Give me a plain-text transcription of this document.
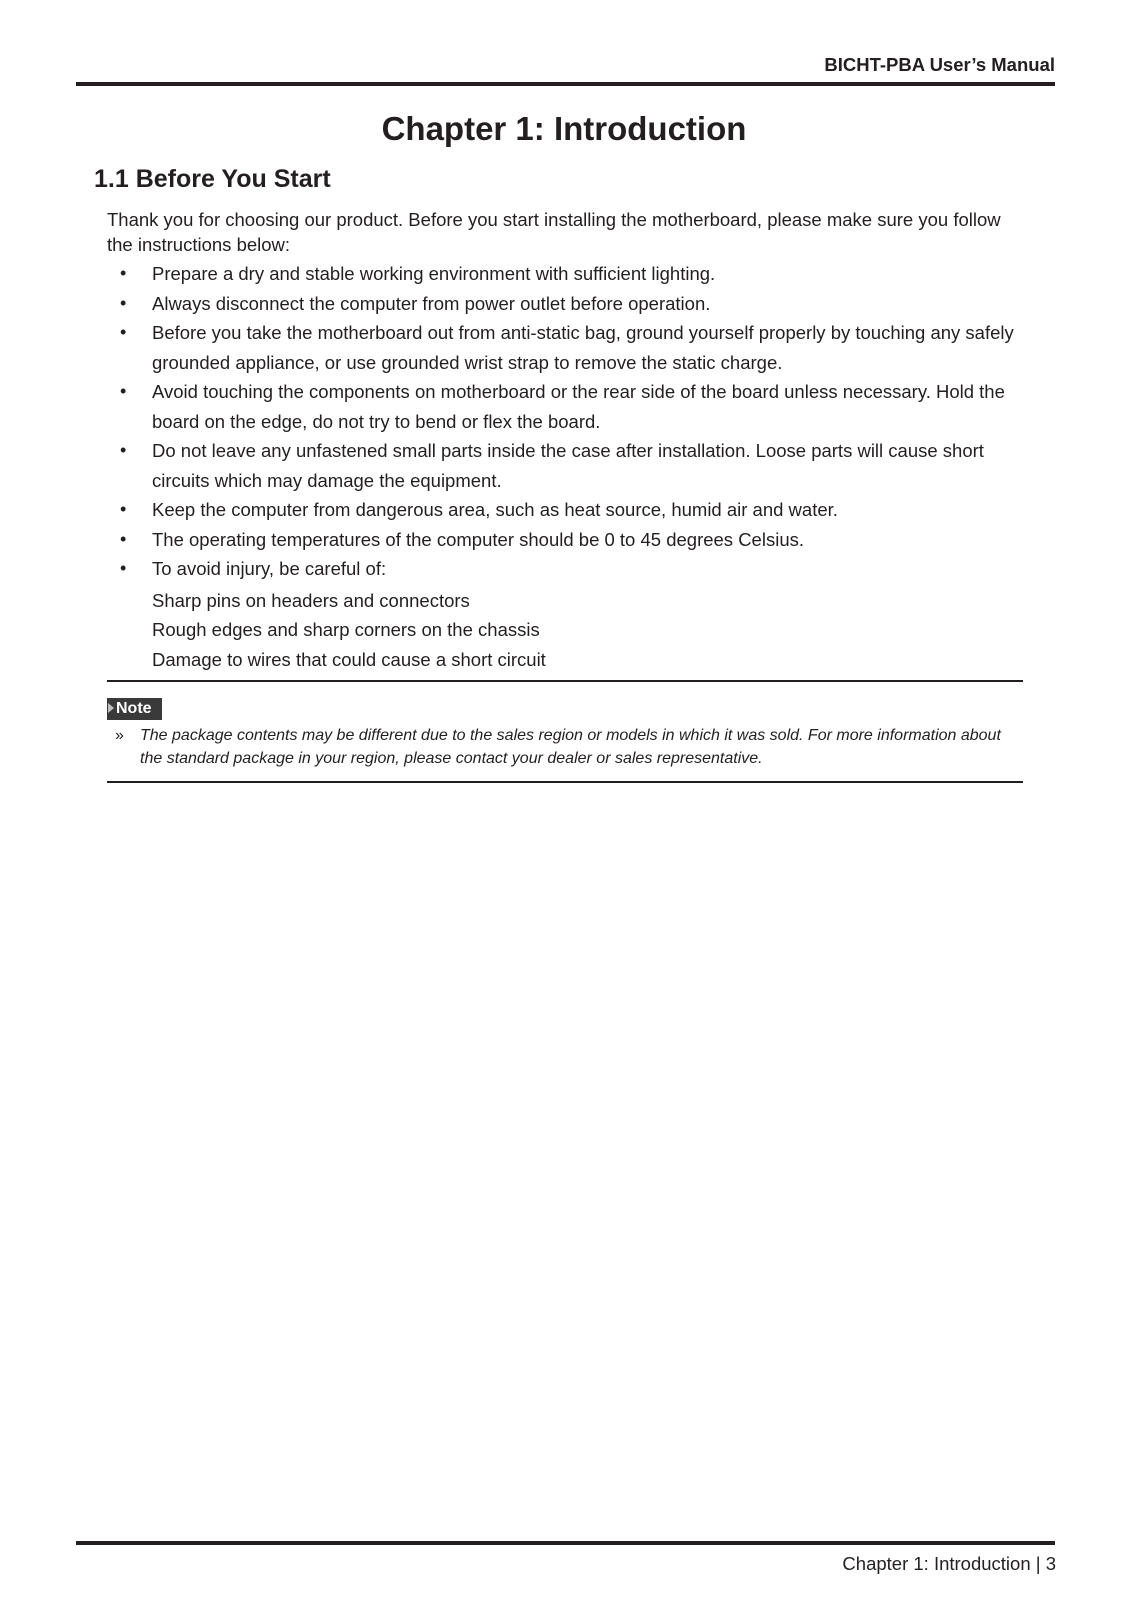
BICHT-PBA User’s Manual
Chapter 1: Introduction
1.1 Before You Start
Thank you for choosing our product. Before you start installing the motherboard, please make sure you follow the instructions below:
• Prepare a dry and stable working environment with sufficient lighting.
• Always disconnect the computer from power outlet before operation.
• Before you take the motherboard out from anti-static bag, ground yourself properly by touching any safely grounded appliance, or use grounded wrist strap to remove the static charge.
• Avoid touching the components on motherboard or the rear side of the board unless necessary. Hold the board on the edge, do not try to bend or flex the board.
• Do not leave any unfastened small parts inside the case after installation. Loose parts will cause short circuits which may damage the equipment.
• Keep the computer from dangerous area, such as heat source, humid air and water.
• The operating temperatures of the computer should be 0 to 45 degrees Celsius.
• To avoid injury, be careful of:
Sharp pins on headers and connectors
Rough edges and sharp corners on the chassis
Damage to wires that could cause a short circuit
Note
»	The package contents may be different due to the sales region or models in which it was sold. For more information about the standard package in your region, please contact your dealer or sales representative.
Chapter 1: Introduction | 3
